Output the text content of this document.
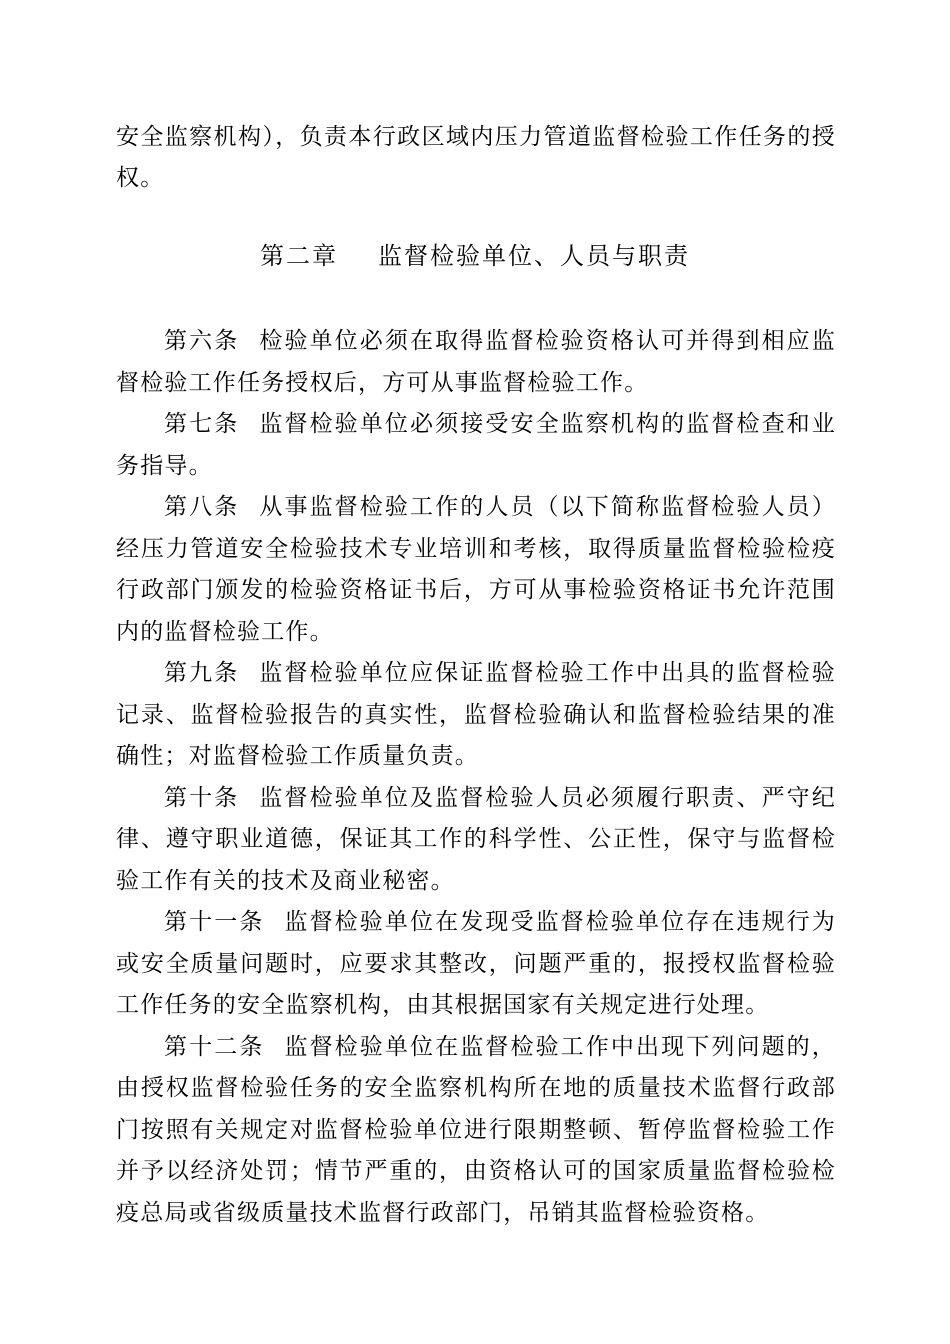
安全监察机构），负责本行政区域内压力管道监督检验工作任务的授权。

第二章 监督检验单位、人员与职责

第六条 检验单位必须在取得监督检验资格认可并得到相应监督检验工作任务授权后，方可从事监督检验工作。

第七条 监督检验单位必须接受安全监察机构的监督检查和业务指导。

第八条 从事监督检验工作的人员（以下简称监督检验人员）经压力管道安全检验技术专业培训和考核，取得质量监督检验检疫行政部门颁发的检验资格证书后，方可从事检验资格证书允许范围内的监督检验工作。

第九条 监督检验单位应保证监督检验工作中出具的监督检验记录、监督检验报告的真实性，监督检验确认和监督检验结果的准确性；对监督检验工作质量负责。

第十条 监督检验单位及监督检验人员必须履行职责、严守纪律、遵守职业道德，保证其工作的科学性、公正性，保守与监督检验工作有关的技术及商业秘密。

第十一条 监督检验单位在发现受监督检验单位存在违规行为或安全质量问题时，应要求其整改，问题严重的，报授权监督检验工作任务的安全监察机构，由其根据国家有关规定进行处理。

第十二条 监督检验单位在监督检验工作中出现下列问题的，由授权监督检验任务的安全监察机构所在地的质量技术监督行政部门按照有关规定对监督检验单位进行限期整顿、暂停监督检验工作并予以经济处罚；情节严重的，由资格认可的国家质量监督检验检疫总局或省级质量技术监督行政部门，吊销其监督检验资格。
